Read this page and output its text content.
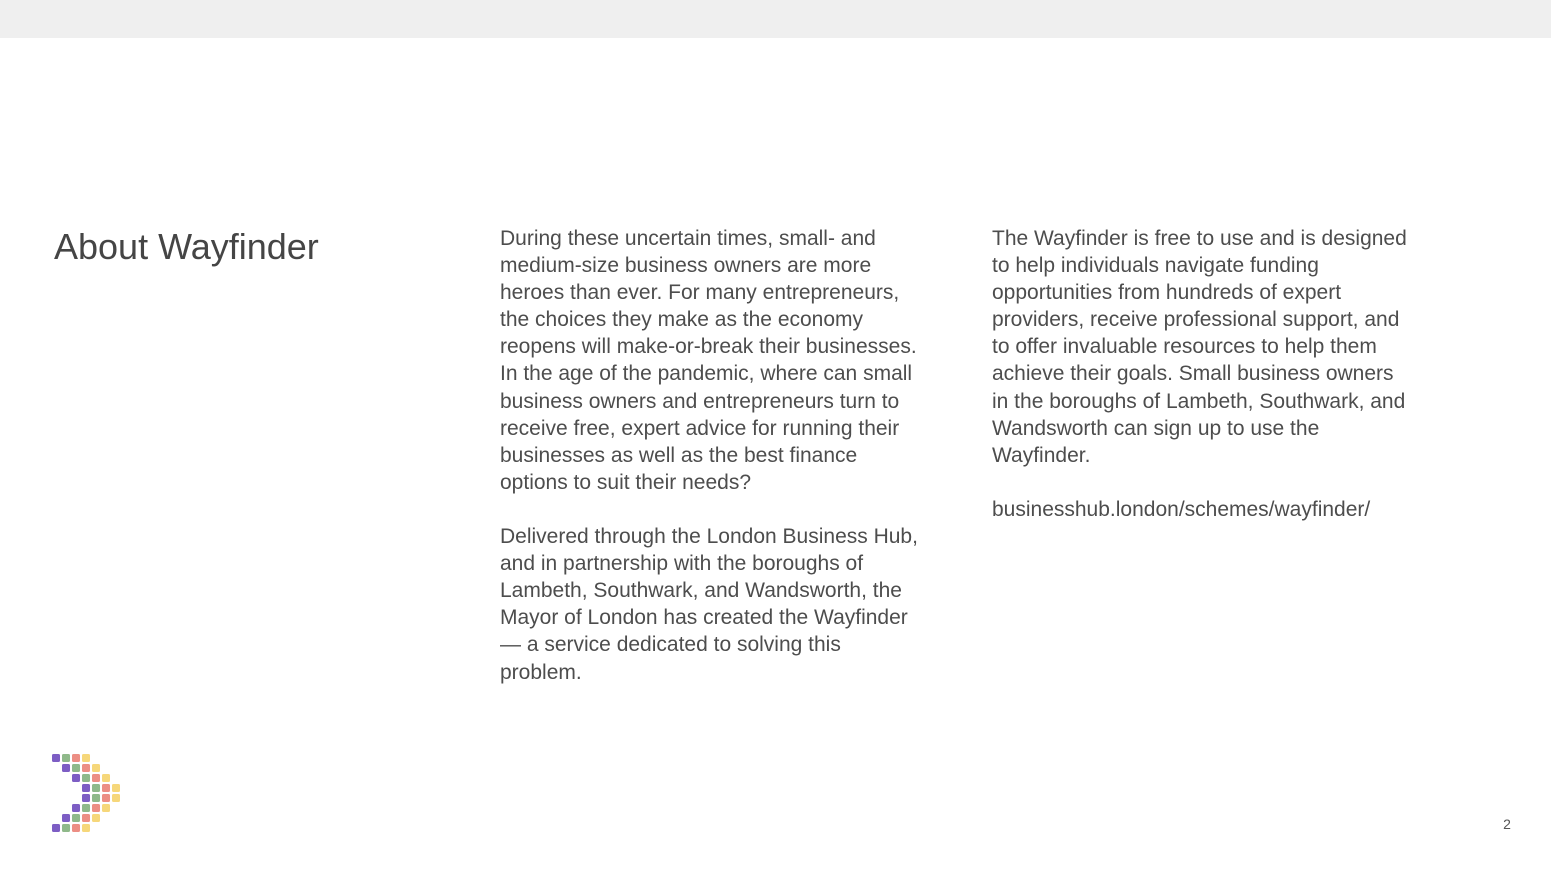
About Wayfinder	During these uncertain times, small- and medium-size business owners are more heroes than ever. For many entrepreneurs, the choices they make as the economy reopens will make-or-break their businesses.  In the age of the pandemic, where can small business owners and entrepreneurs turn to receive free, expert advice for running their businesses as well as the best finance options to suit their needs?

Delivered through the London Business Hub, and in partnership with the boroughs of Lambeth, Southwark, and Wandsworth, the Mayor of London has created the Wayfinder — a service dedicated to solving this problem.

The Wayfinder is free to use and is designed to help individuals navigate funding opportunities from hundreds of expert providers, receive professional support, and to offer invaluable resources to help them achieve their goals. Small business owners in the boroughs of Lambeth, Southwark, and Wandsworth can sign up to use the Wayfinder.

businesshub.london/schemes/wayfinder/

2
